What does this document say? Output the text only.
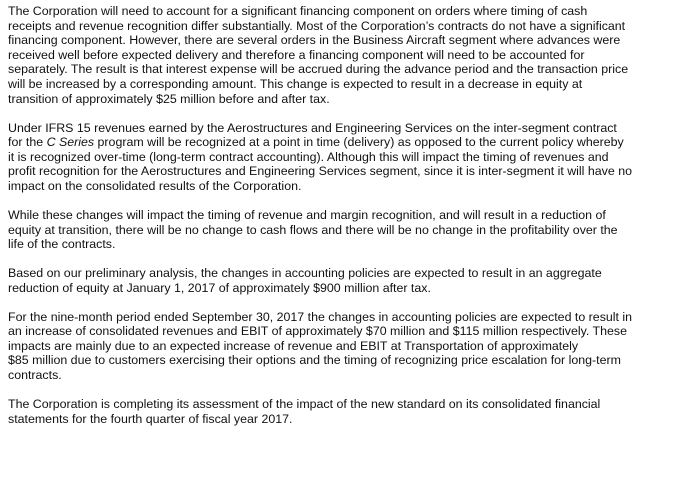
The Corporation will need to account for a significant financing component on orders where timing of cash
receipts and revenue recognition differ substantially. Most of the Corporation’s contracts do not have a significant
financing component. However, there are several orders in the Business Aircraft segment where advances were
received well before expected delivery and therefore a financing component will need to be accounted for
separately. The result is that interest expense will be accrued during the advance period and the transaction price
will be increased by a corresponding amount. This change is expected to result in a decrease in equity at
transition of approximately $25 million before and after tax.

Under IFRS 15 revenues earned by the Aerostructures and Engineering Services on the inter-segment contract
for the C Series program will be recognized at a point in time (delivery) as opposed to the current policy whereby
it is recognized over-time (long-term contract accounting). Although this will impact the timing of revenues and
profit recognition for the Aerostructures and Engineering Services segment, since it is inter-segment it will have no
impact on the consolidated results of the Corporation.

While these changes will impact the timing of revenue and margin recognition, and will result in a reduction of
equity at transition, there will be no change to cash flows and there will be no change in the profitability over the
life of the contracts.

Based on our preliminary analysis, the changes in accounting policies are expected to result in an aggregate
reduction of equity at January 1, 2017 of approximately $900 million after tax.

For the nine-month period ended September 30, 2017 the changes in accounting policies are expected to result in
an increase of consolidated revenues and EBIT of approximately $70 million and $115 million respectively. These
impacts are mainly due to an expected increase of revenue and EBIT at Transportation of approximately
$85 million due to customers exercising their options and the timing of recognizing price escalation for long-term
contracts.

The Corporation is completing its assessment of the impact of the new standard on its consolidated financial
statements for the fourth quarter of fiscal year 2017.
